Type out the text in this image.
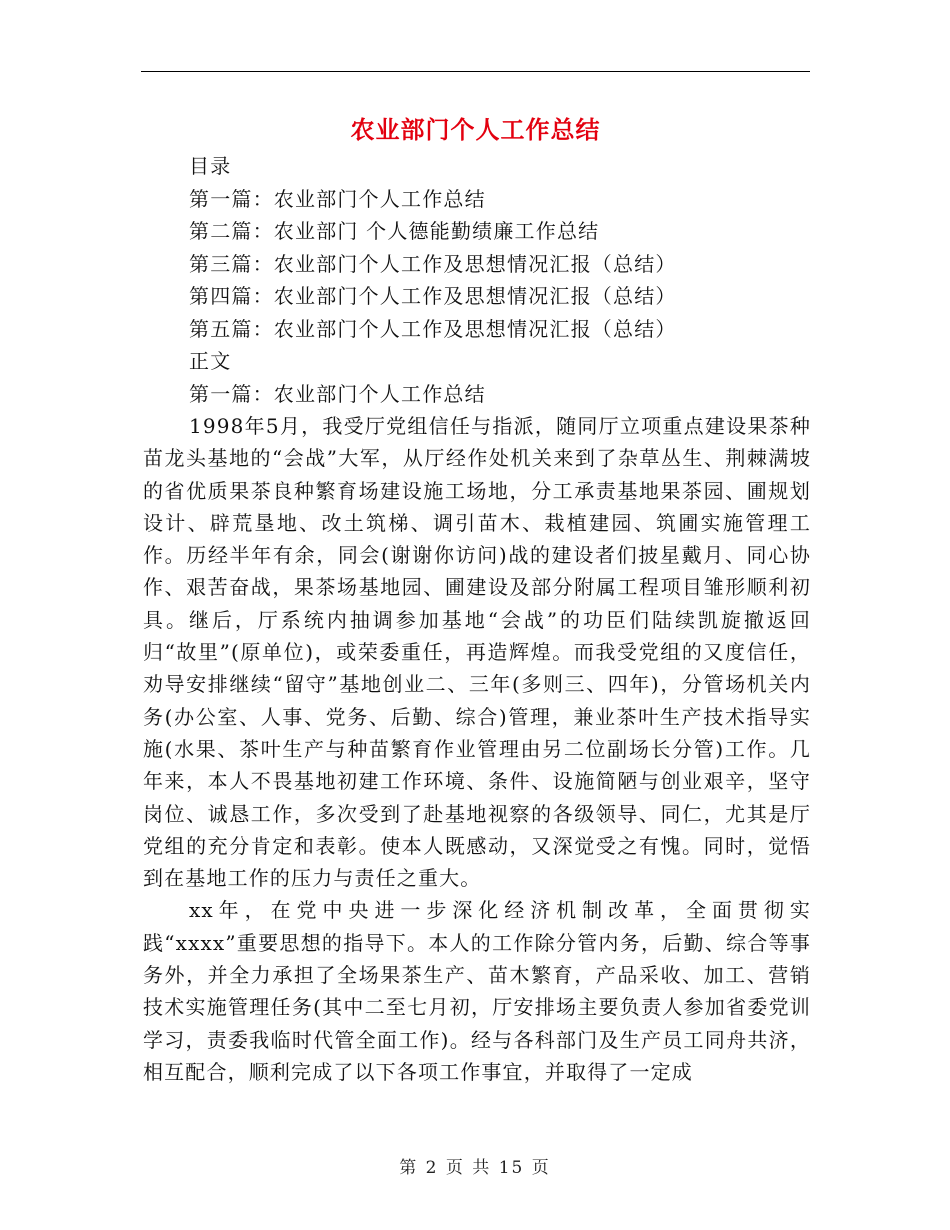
农业部门个人工作总结
目录
第一篇：农业部门个人工作总结
第二篇：农业部门 个人德能勤绩廉工作总结
第三篇：农业部门个人工作及思想情况汇报（总结）
第四篇：农业部门个人工作及思想情况汇报（总结）
第五篇：农业部门个人工作及思想情况汇报（总结）
正文
第一篇：农业部门个人工作总结

1998年5月，我受厅党组信任与指派，随同厅立项重点建设果茶种苗龙头基地的“会战”大军，从厅经作处机关来到了杂草丛生、荆棘满坡的省优质果茶良种繁育场建设施工场地，分工承责基地果茶园、圃规划设计、辟荒垦地、改土筑梯、调引苗木、栽植建园、筑圃实施管理工作。历经半年有余，同会(谢谢你访问)战的建设者们披星戴月、同心协作、艰苦奋战，果茶场基地园、圃建设及部分附属工程项目雏形顺利初具。继后，厅系统内抽调参加基地“会战”的功臣们陆续凯旋撤返回归“故里”(原单位)，或荣委重任，再造辉煌。而我受党组的又度信任，劝导安排继续“留守”基地创业二、三年(多则三、四年)，分管场机关内务(办公室、人事、党务、后勤、综合)管理，兼业茶叶生产技术指导实施(水果、茶叶生产与种苗繁育作业管理由另二位副场长分管)工作。几年来，本人不畏基地初建工作环境、条件、设施简陋与创业艰辛，坚守岗位、诚恳工作，多次受到了赴基地视察的各级领导、同仁，尤其是厅党组的充分肯定和表彰。使本人既感动，又深觉受之有愧。同时，觉悟到在基地工作的压力与责任之重大。

xx年，在党中央进一步深化经济机制改革，全面贯彻实践“xxxx”重要思想的指导下。本人的工作除分管内务，后勤、综合等事务外，并全力承担了全场果茶生产、苗木繁育，产品采收、加工、营销技术实施管理任务(其中二至七月初，厅安排场主要负责人参加省委党训学习，责委我临时代管全面工作)。经与各科部门及生产员工同舟共济，相互配合，顺利完成了以下各项工作事宜，并取得了一定成

第 2 页 共 15 页
